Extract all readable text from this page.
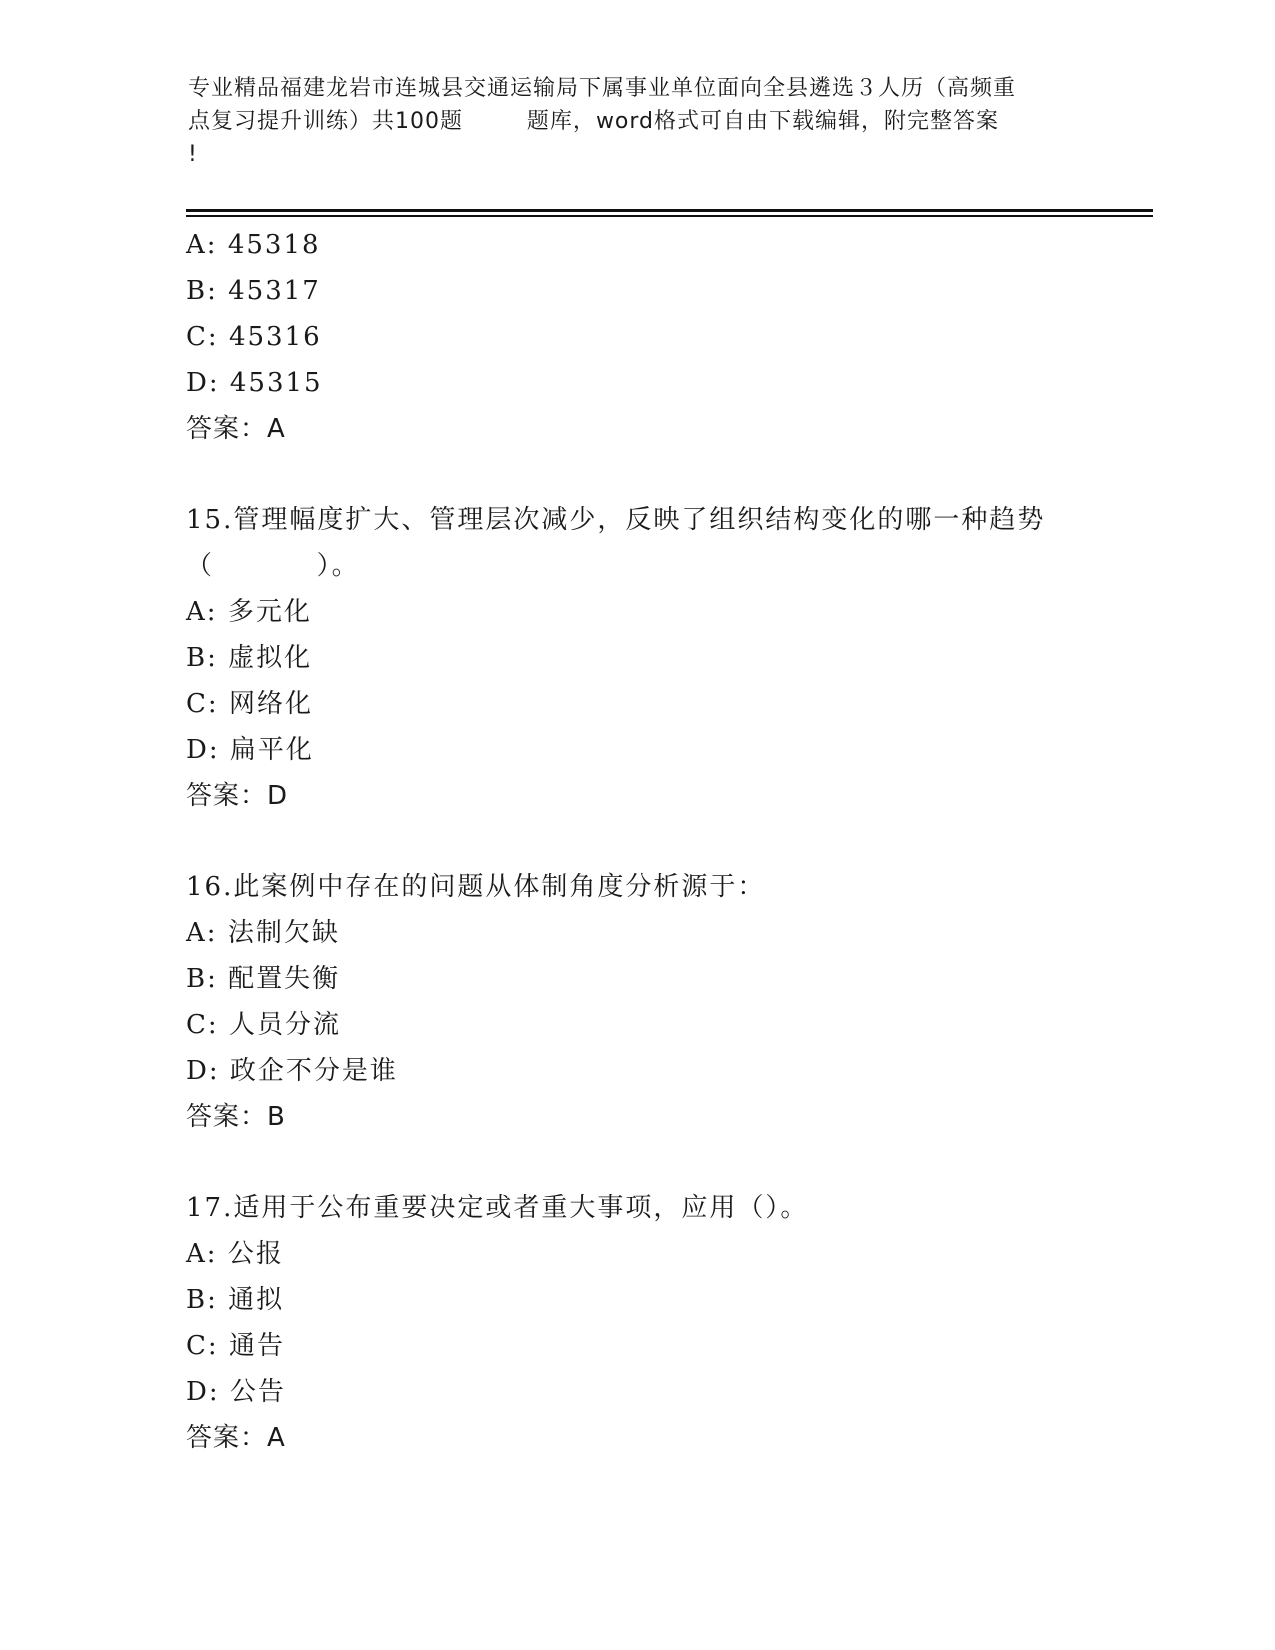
专业精品福建龙岩市连城县交通运输局下属事业单位面向全县遴选３人历（高频重
点复习提升训练）共100题        题库，word格式可自由下载编辑，附完整答案
!
A: 45318
B: 45317
C: 45316
D: 45315
答案：A
15.管理幅度扩大、管理层次减少，反映了组织结构变化的哪一种趋势
（          ）。
A: 多元化
B: 虚拟化
C: 网络化
D: 扁平化
答案：D
16.此案例中存在的问题从体制角度分析源于：
A: 法制欠缺
B: 配置失衡
C: 人员分流
D: 政企不分是谁
答案：B
17.适用于公布重要决定或者重大事项，应用（）。
A: 公报
B: 通拟
C: 通告
D: 公告
答案：A
